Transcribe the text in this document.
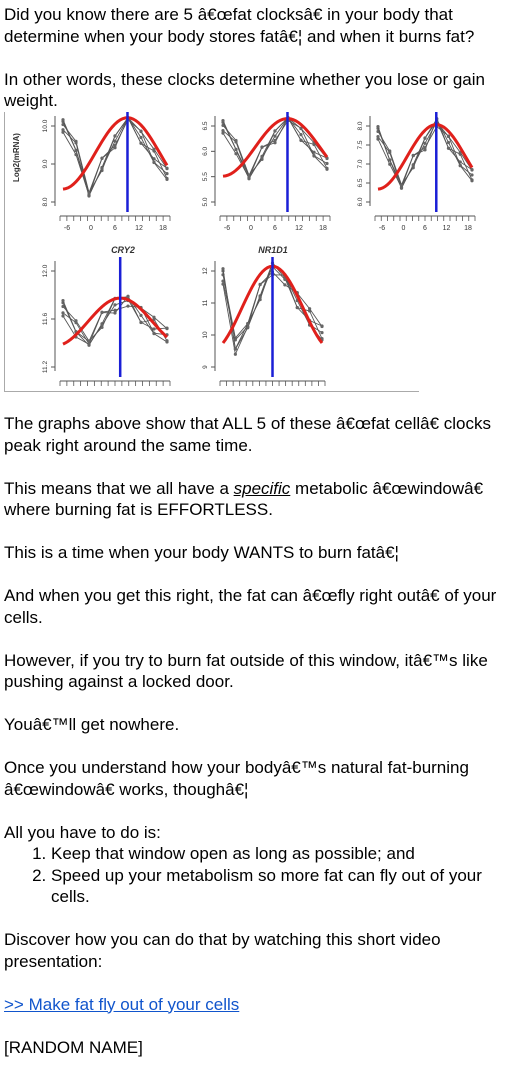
Did you know there are 5 â€œfat clocksâ€ in your body that determine when your body stores fatâ€¦ and when it burns fat?

In other words, these clocks determine whether you lose or gain weight.

Log2(mRNA)
8.0
9.0
10.0
-6	0	6	12 18
5.0
5.5
6.0
6.5
-6	0	6	12 18
6.0
6.5
7.0
7.5
8.0
-6 0	6 12 18
11.2
11.6
12.0
9
10
11
12
CRY2	NR1D1

The graphs above show that ALL 5 of these â€œfat cellâ€ clocks peak right around the same time.

This means that we all have a specific metabolic â€œwindowâ€ where burning fat is EFFORTLESS.

This is a time when your body WANTS to burn fatâ€¦

And when you get this right, the fat can â€œfly right outâ€ of your cells.

However, if you try to burn fat outside of this window, itâ€™s like pushing against a locked door.

Youâ€™ll get nowhere.

Once you understand how your bodyâ€™s natural fat-burning â€œwindowâ€ works, thoughâ€¦

All you have to do is:

1. Keep that window open as long as possible; and
2. Speed up your metabolism so more fat can fly out of your cells.

Discover how you can do that by watching this short video presentation:

>> Make fat fly out of your cells

[RANDOM NAME]
